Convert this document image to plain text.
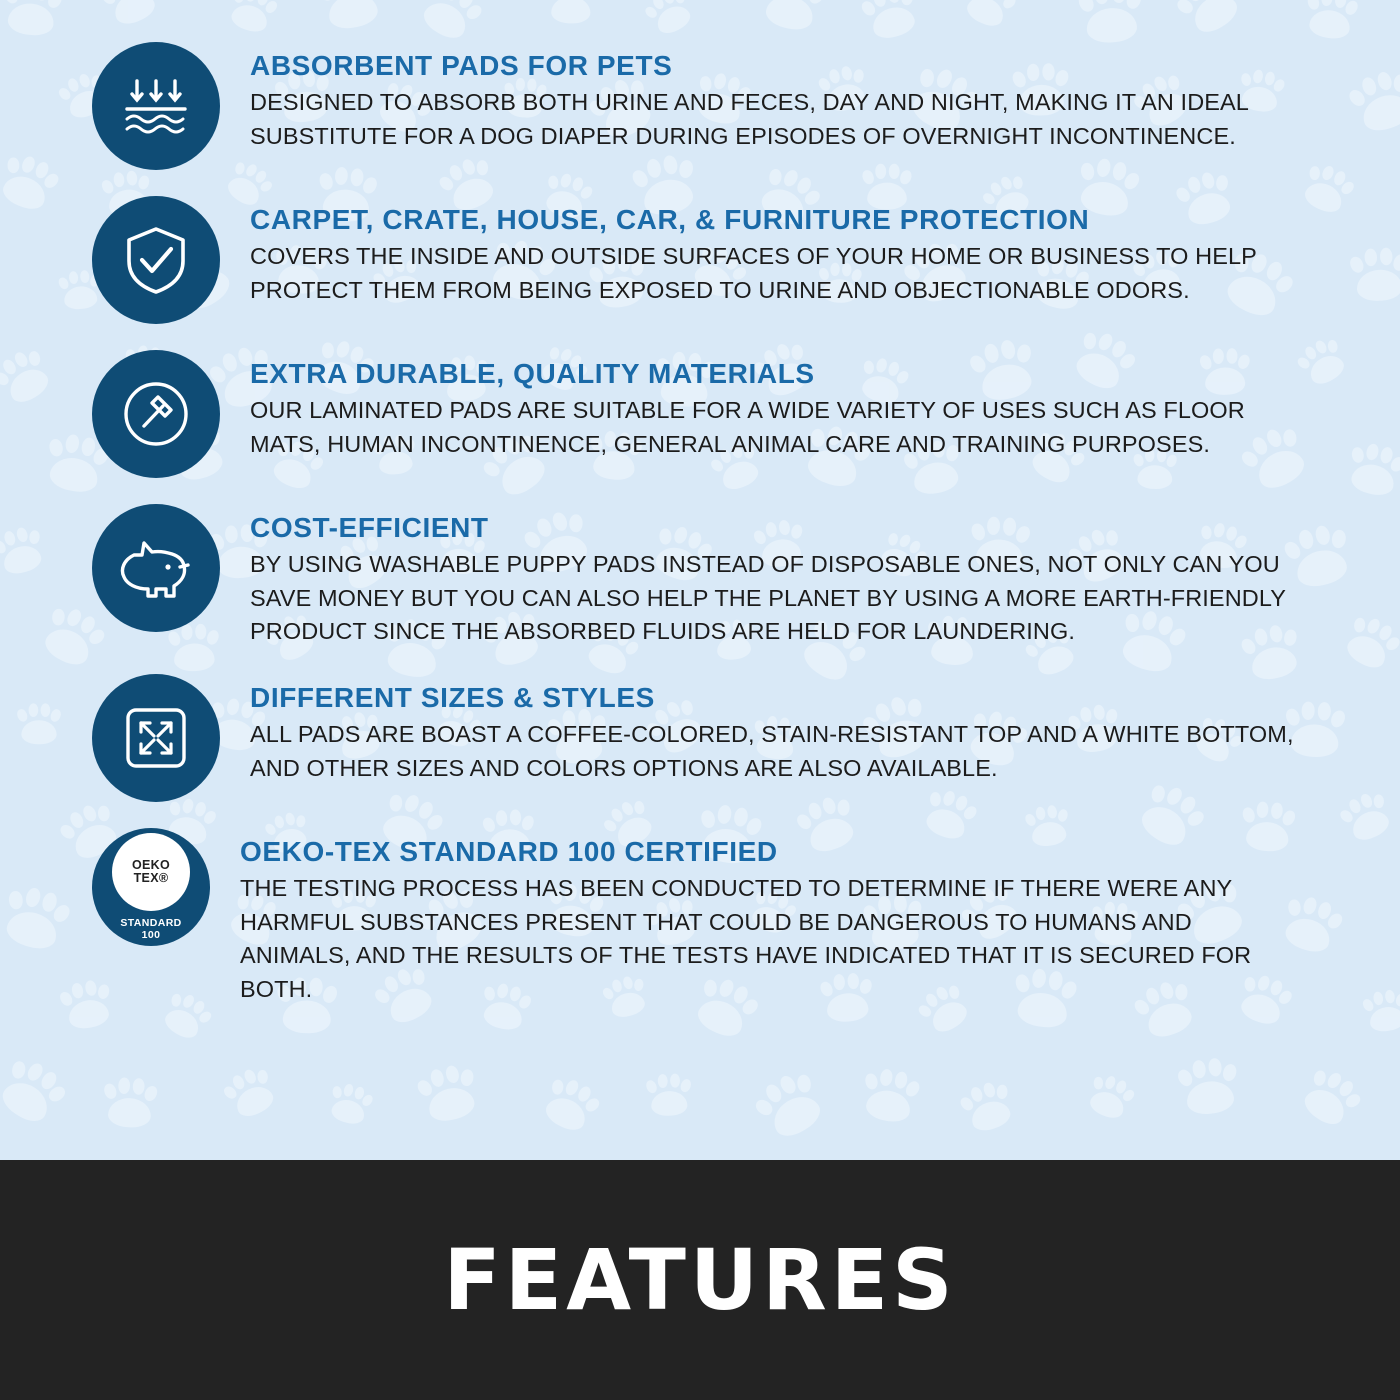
ABSORBENT PADS FOR PETS
DESIGNED TO ABSORB BOTH URINE AND FECES, DAY AND NIGHT, MAKING IT AN IDEAL SUBSTITUTE FOR A DOG DIAPER DURING EPISODES OF OVERNIGHT INCONTINENCE.
CARPET, CRATE, HOUSE, CAR, & FURNITURE PROTECTION
COVERS THE INSIDE AND OUTSIDE SURFACES OF YOUR HOME OR BUSINESS TO HELP PROTECT THEM FROM BEING EXPOSED TO URINE AND OBJECTIONABLE ODORS.
EXTRA DURABLE, QUALITY MATERIALS
OUR LAMINATED PADS ARE SUITABLE FOR A WIDE VARIETY OF USES SUCH AS FLOOR MATS, HUMAN INCONTINENCE, GENERAL ANIMAL CARE AND TRAINING PURPOSES.
COST-EFFICIENT
BY USING WASHABLE PUPPY PADS INSTEAD OF DISPOSABLE ONES, NOT ONLY CAN YOU SAVE MONEY BUT YOU CAN ALSO HELP THE PLANET BY USING A MORE EARTH-FRIENDLY PRODUCT SINCE THE ABSORBED FLUIDS ARE HELD FOR LAUNDERING.
DIFFERENT SIZES & STYLES
ALL PADS ARE BOAST A COFFEE-COLORED, STAIN-RESISTANT TOP AND A WHITE BOTTOM, AND OTHER SIZES AND COLORS OPTIONS ARE ALSO AVAILABLE.
OEKO
TEX®
STANDARD
100
OEKO-TEX STANDARD 100 CERTIFIED
THE TESTING PROCESS HAS BEEN CONDUCTED TO DETERMINE IF THERE WERE ANY HARMFUL SUBSTANCES PRESENT THAT COULD BE DANGEROUS TO HUMANS AND ANIMALS, AND THE RESULTS OF THE TESTS HAVE INDICATED THAT IT IS SECURED FOR BOTH.
FEATURES
